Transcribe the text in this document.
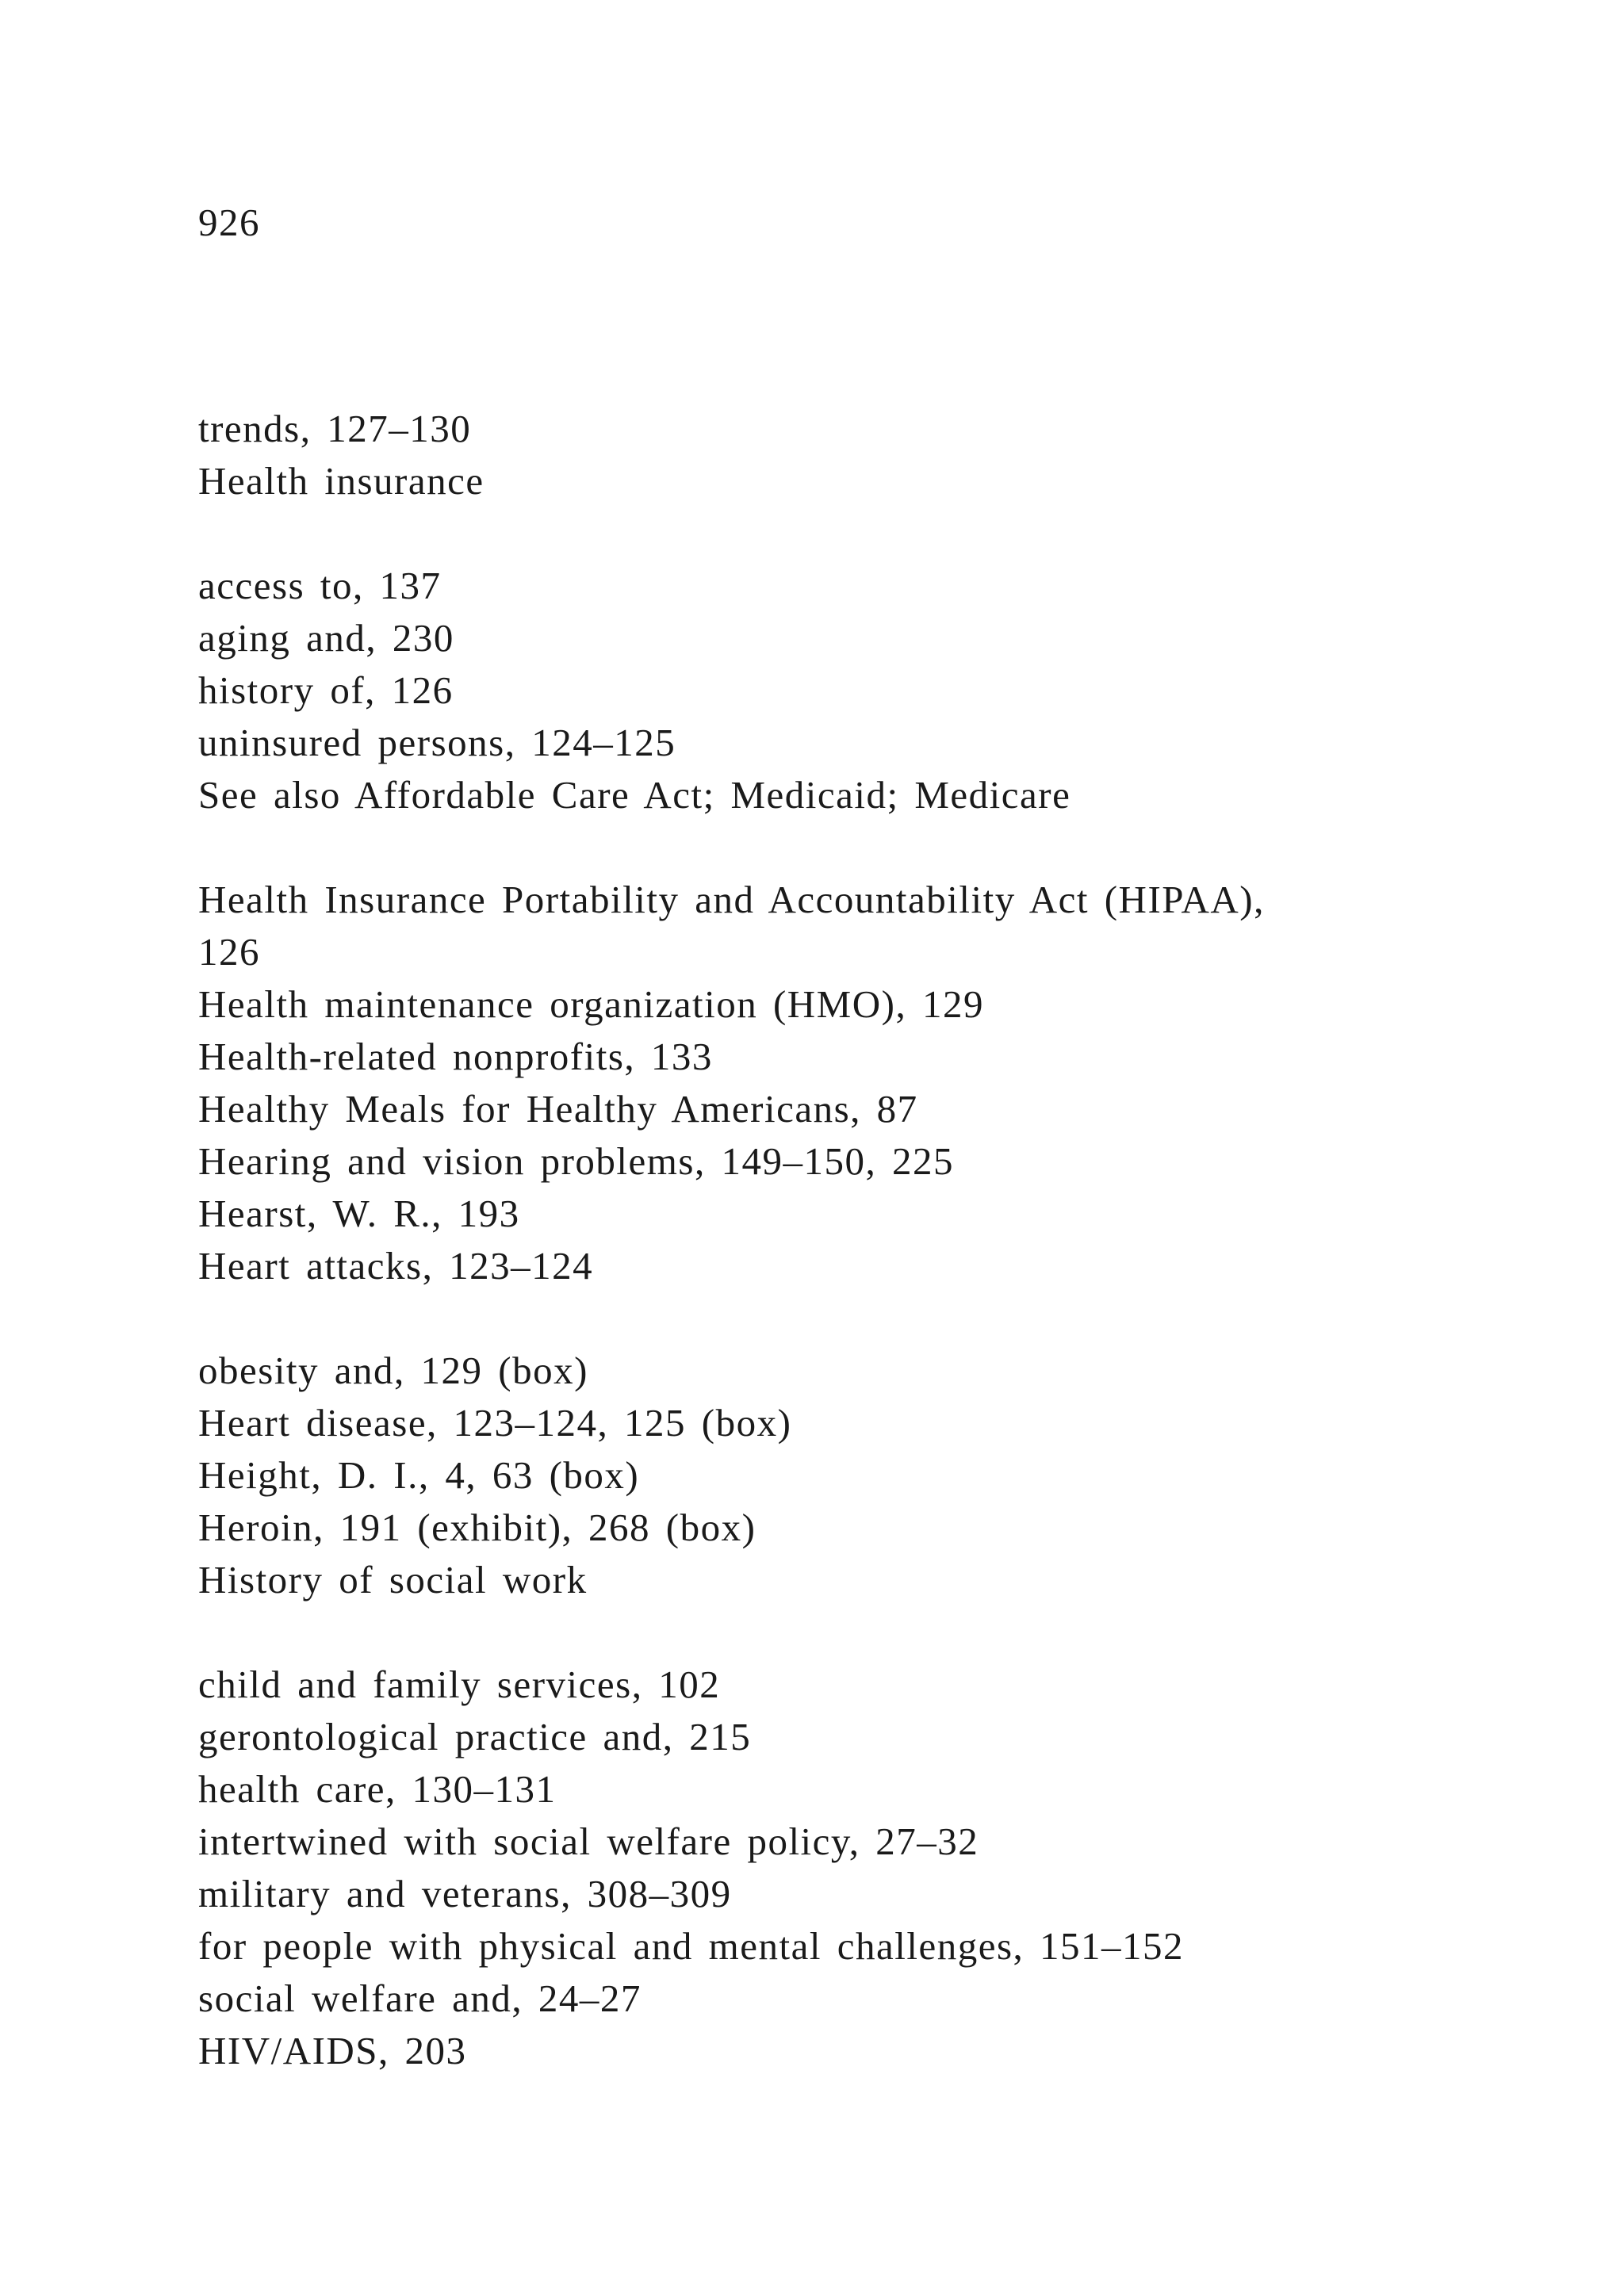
926
trends, 127–130
Health insurance
access to, 137
aging and, 230
history of, 126
uninsured persons, 124–125
See also Affordable Care Act; Medicaid; Medicare
Health Insurance Portability and Accountability Act (HIPAA),
126
Health maintenance organization (HMO), 129
Health-related nonprofits, 133
Healthy Meals for Healthy Americans, 87
Hearing and vision problems, 149–150, 225
Hearst, W. R., 193
Heart attacks, 123–124
obesity and, 129 (box)
Heart disease, 123–124, 125 (box)
Height, D. I., 4, 63 (box)
Heroin, 191 (exhibit), 268 (box)
History of social work
child and family services, 102
gerontological practice and, 215
health care, 130–131
intertwined with social welfare policy, 27–32
military and veterans, 308–309
for people with physical and mental challenges, 151–152
social welfare and, 24–27
HIV/AIDS, 203
